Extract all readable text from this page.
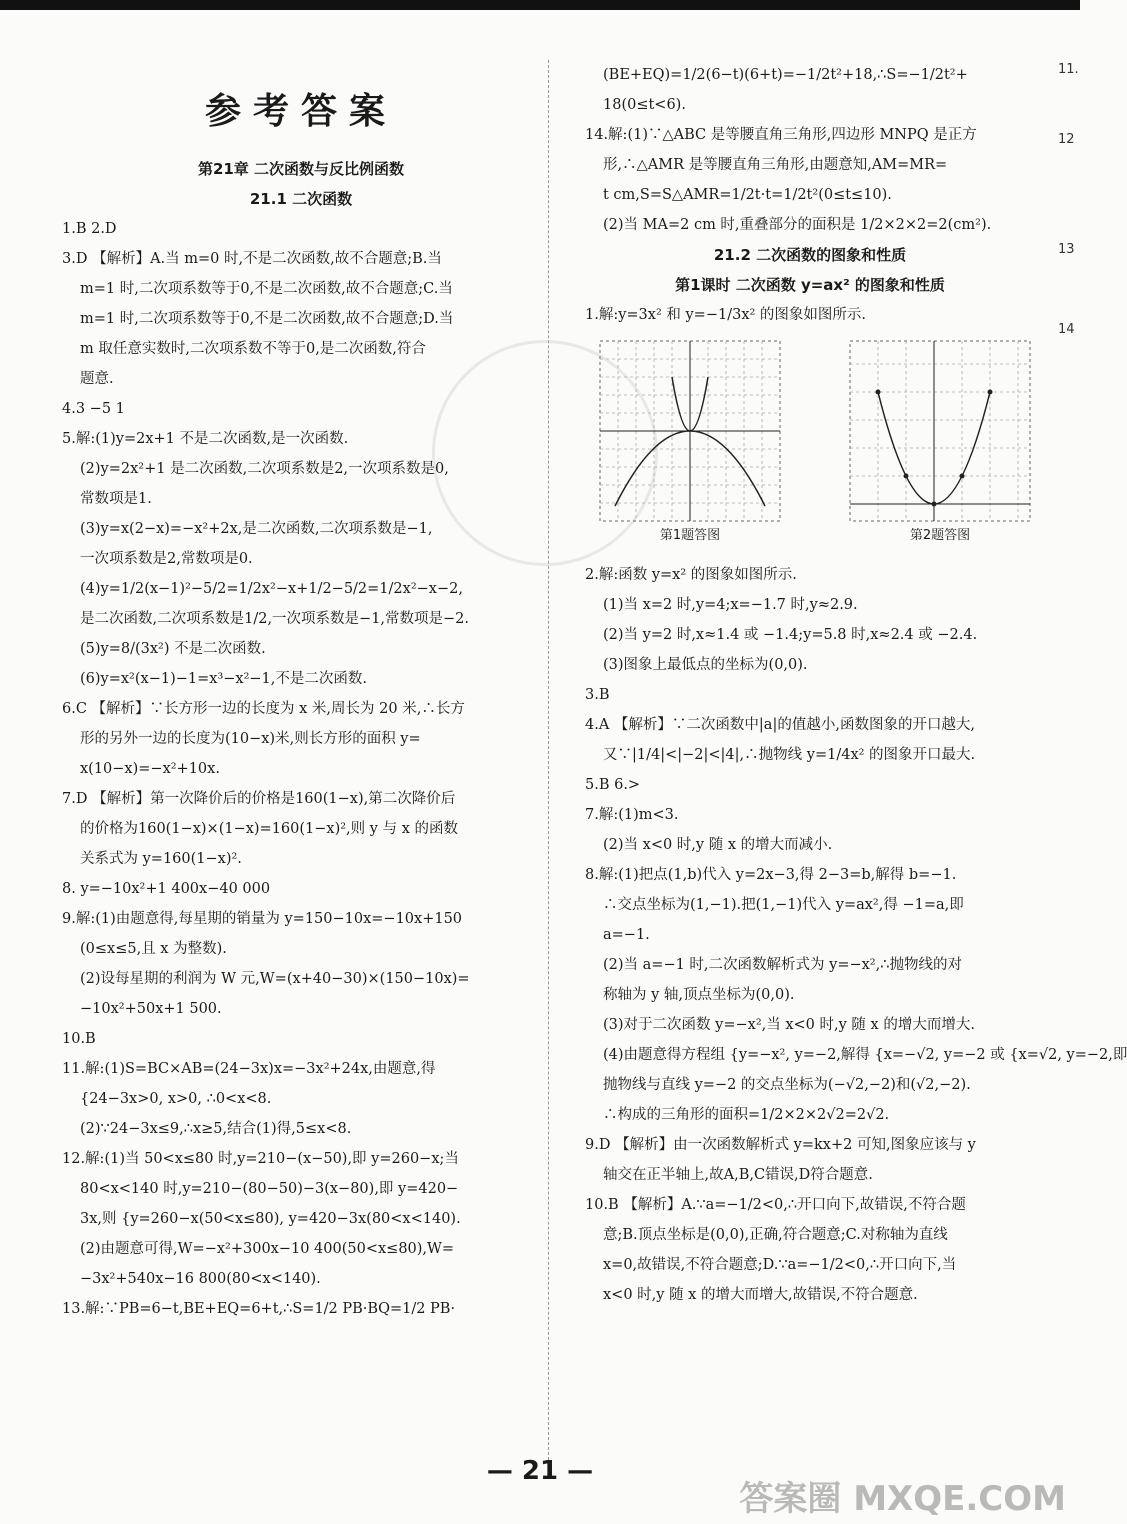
参考答案
第21章 二次函数与反比例函数
21.1 二次函数
1.B 2.D
3.D 【解析】A.当 m=0 时,不是二次函数,故不合题意;B.当
m=1 时,二次项系数等于0,不是二次函数,故不合题意;C.当
m=1 时,二次项系数等于0,不是二次函数,故不合题意;D.当
m 取任意实数时,二次项系数不等于0,是二次函数,符合
题意.
4.3 −5 1
5.解:(1)y=2x+1 不是二次函数,是一次函数.
(2)y=2x²+1 是二次函数,二次项系数是2,一次项系数是0,
常数项是1.
(3)y=x(2−x)=−x²+2x,是二次函数,二次项系数是−1,
一次项系数是2,常数项是0.
(4)y=1/2(x−1)²−5/2=1/2x²−x+1/2−5/2=1/2x²−x−2,
是二次函数,二次项系数是1/2,一次项系数是−1,常数项是−2.
(5)y=8/(3x²) 不是二次函数.
(6)y=x²(x−1)−1=x³−x²−1,不是二次函数.
6.C 【解析】∵长方形一边的长度为 x 米,周长为 20 米,∴长方
形的另外一边的长度为(10−x)米,则长方形的面积 y=
x(10−x)=−x²+10x.
7.D 【解析】第一次降价后的价格是160(1−x),第二次降价后
的价格为160(1−x)×(1−x)=160(1−x)²,则 y 与 x 的函数
关系式为 y=160(1−x)².
8. y=−10x²+1 400x−40 000
9.解:(1)由题意得,每星期的销量为 y=150−10x=−10x+150
(0≤x≤5,且 x 为整数).
(2)设每星期的利润为 W 元,W=(x+40−30)×(150−10x)=
−10x²+50x+1 500.
10.B
11.解:(1)S=BC×AB=(24−3x)x=−3x²+24x,由题意,得
{24−3x>0, x>0, ∴0<x<8.
(2)∵24−3x≤9,∴x≥5,结合(1)得,5≤x<8.
12.解:(1)当 50<x≤80 时,y=210−(x−50),即 y=260−x;当
80<x<140 时,y=210−(80−50)−3(x−80),即 y=420−
3x,则 {y=260−x(50<x≤80), y=420−3x(80<x<140).
(2)由题意可得,W=−x²+300x−10 400(50<x≤80),W=
−3x²+540x−16 800(80<x<140).
13.解:∵PB=6−t,BE+EQ=6+t,∴S=1/2 PB·BQ=1/2 PB·
(BE+EQ)=1/2(6−t)(6+t)=−1/2t²+18,∴S=−1/2t²+
18(0≤t<6).
14.解:(1)∵△ABC 是等腰直角三角形,四边形 MNPQ 是正方
形,∴△AMR 是等腰直角三角形,由题意知,AM=MR=
t cm,S=S△AMR=1/2t·t=1/2t²(0≤t≤10).
(2)当 MA=2 cm 时,重叠部分的面积是 1/2×2×2=2(cm²).
21.2 二次函数的图象和性质
第1课时 二次函数 y=ax² 的图象和性质
1.解:y=3x² 和 y=−1/3x² 的图象如图所示.
第1题答图	第2题答图
2.解:函数 y=x² 的图象如图所示.
(1)当 x=2 时,y=4;x=−1.7 时,y≈2.9.
(2)当 y=2 时,x≈1.4 或 −1.4;y=5.8 时,x≈2.4 或 −2.4.
(3)图象上最低点的坐标为(0,0).
3.B
4.A 【解析】∵二次函数中|a|的值越小,函数图象的开口越大,
又∵|1/4|<|−2|<|4|,∴抛物线 y=1/4x² 的图象开口最大.
5.B 6.>
7.解:(1)m<3.
(2)当 x<0 时,y 随 x 的增大而减小.
8.解:(1)把点(1,b)代入 y=2x−3,得 2−3=b,解得 b=−1.
∴交点坐标为(1,−1).把(1,−1)代入 y=ax²,得 −1=a,即
a=−1.
(2)当 a=−1 时,二次函数解析式为 y=−x²,∴抛物线的对
称轴为 y 轴,顶点坐标为(0,0).
(3)对于二次函数 y=−x²,当 x<0 时,y 随 x 的增大而增大.
(4)由题意得方程组 {y=−x², y=−2,解得 {x=−√2, y=−2 或 {x=√2, y=−2,即
抛物线与直线 y=−2 的交点坐标为(−√2,−2)和(√2,−2).
∴构成的三角形的面积=1/2×2×2√2=2√2.
9.D 【解析】由一次函数解析式 y=kx+2 可知,图象应该与 y
轴交在正半轴上,故A,B,C错误,D符合题意.
10.B 【解析】A.∵a=−1/2<0,∴开口向下,故错误,不符合题
意;B.顶点坐标是(0,0),正确,符合题意;C.对称轴为直线
x=0,故错误,不符合题意;D.∵a=−1/2<0,∴开口向下,当
x<0 时,y 随 x 的增大而增大,故错误,不符合题意.
11.
12
13
14
— 21 —
答案圈 MXQE.COM
